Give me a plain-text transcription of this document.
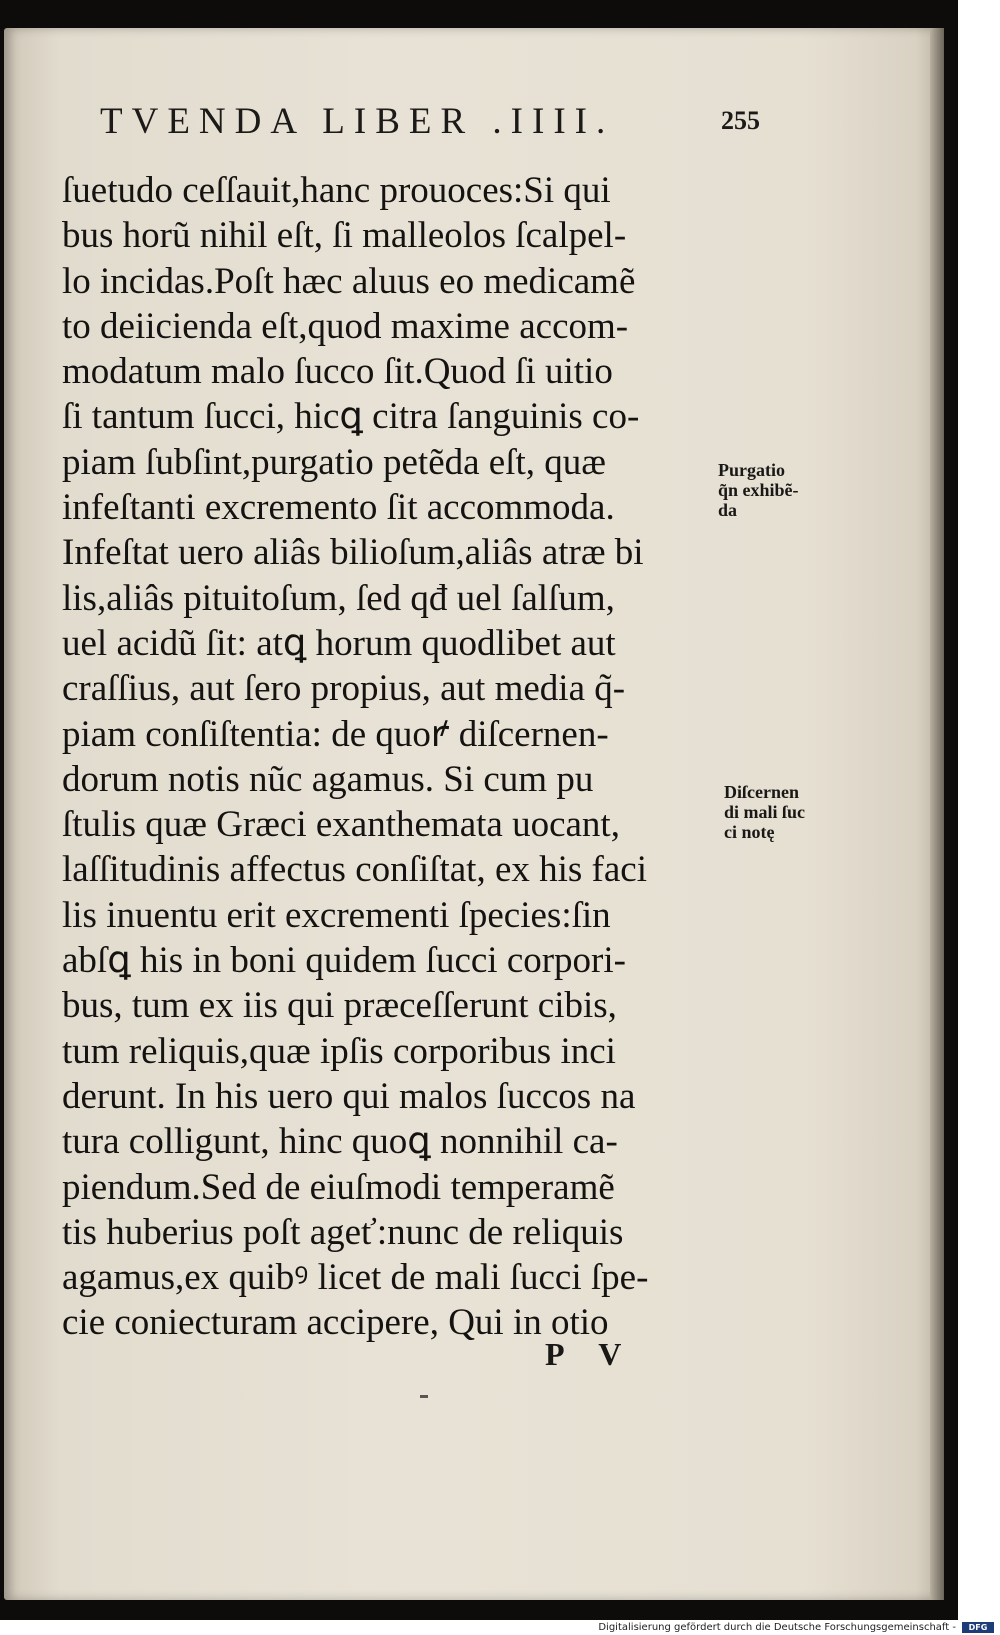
TVENDA LIBER .IIII.	255
ſuetudo ceſſauit,hanc prouoces:Si qui
bus horũ nihil eſt, ſi malleolos ſcalpel-
lo incidas.Poſt hæc aluus eo medicamẽ
to deiicienda eſt,quod maxime accom-
modatum malo ſucco ſit.Quod ſi uitio
ſi tantum ſucci, hicꝗ citra ſanguinis co-
piam ſubſint,purgatio petẽda eſt, quæ
infeſtanti excremento ſit accommoda.
Infeſtat uero aliâs bilioſum,aliâs atræ bi
lis,aliâs pituitoſum, ſed qđ uel ſalſum,
uel acidũ ſit: atꝗ horum quodlibet aut
craſſius, aut ſero propius, aut media q̃-
piam conſiſtentia: de quoꝵ diſcernen-
dorum notis nũc agamus. Si cum pu
ſtulis quæ Græci exanthemata uocant,
laſſitudinis affectus conſiſtat, ex his faci
lis inuentu erit excrementi ſpecies:ſin
abſꝗ his in boni quidem ſucci corpori-
bus, tum ex iis qui præceſſerunt cibis,
tum reliquis,quæ ipſis corporibus inci
derunt. In his uero qui malos ſuccos na
tura colligunt, hinc quoꝗ nonnihil ca-
piendum.Sed de eiuſmodi temperamẽ
tis huberius poſt ageť:nunc de reliquis
agamus,ex quibꝰ licet de mali ſucci ſpe-
cie coniecturam accipere, Qui in otio
Purgatio
q̃n exhibẽ-
da
Diſcernen
di mali ſuc
ci notę
P V
Digitalisierung gefördert durch die Deutsche Forschungsgemeinschaft -	DFG
